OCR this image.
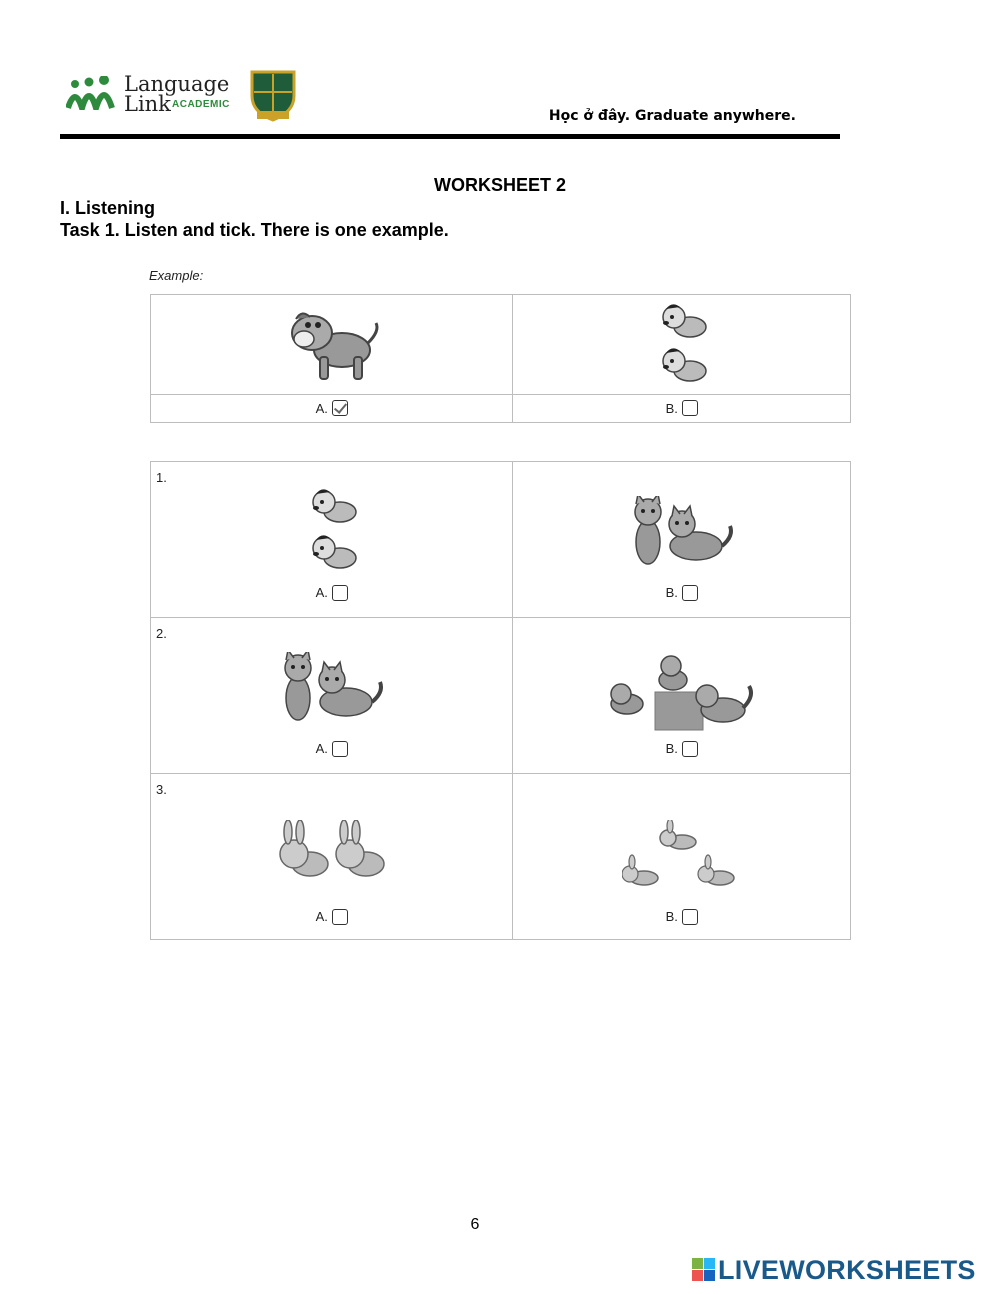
Language
Link ACADEMIC
Học ở đây. Graduate anywhere.
WORKSHEET 2
I. Listening
Task 1. Listen and tick. There is one example.
Example:

A.	B.
1.
A.	B.

2.
A.	B.

3.
A.	B.
6
LIVEWORKSHEETS
